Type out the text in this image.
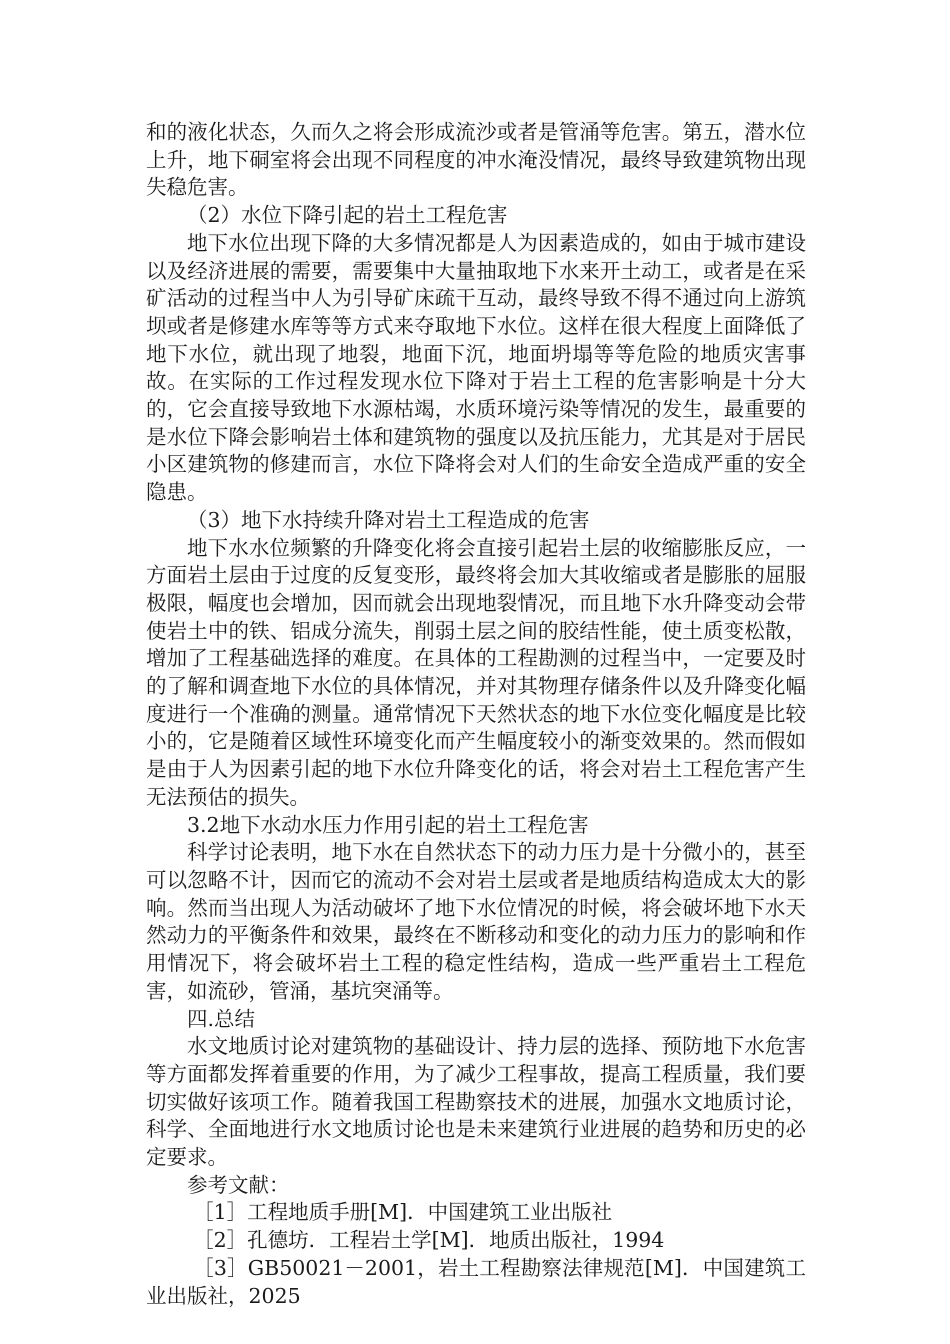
和的液化状态，久而久之将会形成流沙或者是管涌等危害。第五，潜水位上升，地下硐室将会出现不同程度的冲水淹没情况，最终导致建筑物出现失稳危害。

（2）水位下降引起的岩土工程危害

地下水位出现下降的大多情况都是人为因素造成的，如由于城市建设以及经济进展的需要，需要集中大量抽取地下水来开土动工，或者是在采矿活动的过程当中人为引导矿床疏干互动，最终导致不得不通过向上游筑坝或者是修建水库等等方式来夺取地下水位。这样在很大程度上面降低了地下水位，就出现了地裂，地面下沉，地面坍塌等等危险的地质灾害事故。在实际的工作过程发现水位下降对于岩土工程的危害影响是十分大的，它会直接导致地下水源枯竭，水质环境污染等情况的发生，最重要的是水位下降会影响岩土体和建筑物的强度以及抗压能力，尤其是对于居民小区建筑物的修建而言，水位下降将会对人们的生命安全造成严重的安全隐患。

（3）地下水持续升降对岩土工程造成的危害

地下水水位频繁的升降变化将会直接引起岩土层的收缩膨胀反应，一方面岩土层由于过度的反复变形，最终将会加大其收缩或者是膨胀的屈服极限，幅度也会增加，因而就会出现地裂情况，而且地下水升降变动会带使岩土中的铁、铝成分流失，削弱土层之间的胶结性能，使土质变松散，增加了工程基础选择的难度。在具体的工程勘测的过程当中，一定要及时的了解和调查地下水位的具体情况，并对其物理存储条件以及升降变化幅度进行一个准确的测量。通常情况下天然状态的地下水位变化幅度是比较小的，它是随着区域性环境变化而产生幅度较小的渐变效果的。然而假如是由于人为因素引起的地下水位升降变化的话，将会对岩土工程危害产生无法预估的损失。

3.2地下水动水压力作用引起的岩土工程危害

科学讨论表明，地下水在自然状态下的动力压力是十分微小的，甚至可以忽略不计，因而它的流动不会对岩土层或者是地质结构造成太大的影响。然而当出现人为活动破坏了地下水位情况的时候，将会破坏地下水天然动力的平衡条件和效果，最终在不断移动和变化的动力压力的影响和作用情况下，将会破坏岩土工程的稳定性结构，造成一些严重岩土工程危害，如流砂，管涌，基坑突涌等。

四.总结

水文地质讨论对建筑物的基础设计、持力层的选择、预防地下水危害等方面都发挥着重要的作用，为了减少工程事故，提高工程质量，我们要切实做好该项工作。随着我国工程勘察技术的进展，加强水文地质讨论，科学、全面地进行水文地质讨论也是未来建筑行业进展的趋势和历史的必定要求。

参考文献：

［1］工程地质手册[M]．中国建筑工业出版社

［2］孔德坊．工程岩土学[M]．地质出版社，1994

［3］GB50021－2001，岩土工程勘察法律规范[M]．中国建筑工业出版社，2025
